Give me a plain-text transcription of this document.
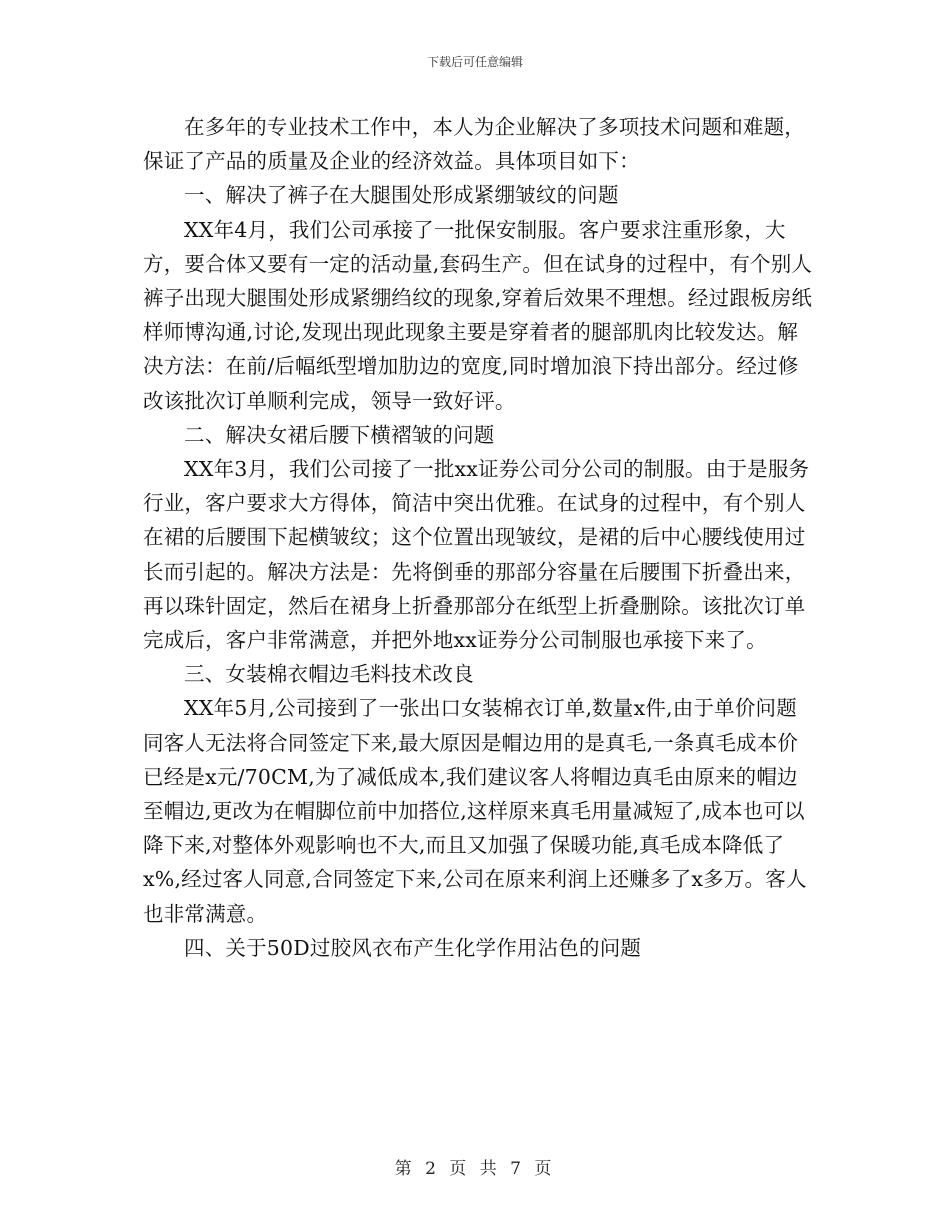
下载后可任意编辑

在多年的专业技术工作中，本人为企业解决了多项技术问题和难题，保证了产品的质量及企业的经济效益。具体项目如下：

一、解决了裤子在大腿围处形成紧绷皱纹的问题

XX年4月，我们公司承接了一批保安制服。客户要求注重形象，大方，要合体又要有一定的活动量,套码生产。但在试身的过程中，有个别人裤子出现大腿围处形成紧绷绉纹的现象,穿着后效果不理想。经过跟板房纸样师博沟通,讨论,发现出现此现象主要是穿着者的腿部肌肉比较发达。解决方法：在前/后幅纸型增加肋边的宽度,同时增加浪下持出部分。经过修改该批次订单顺利完成，领导一致好评。

二、解决女裙后腰下横褶皱的问题

XX年3月，我们公司接了一批xx证券公司分公司的制服。由于是服务行业，客户要求大方得体，简洁中突出优雅。在试身的过程中，有个别人在裙的后腰围下起横皱纹；这个位置出现皱纹，是裙的后中心腰线使用过长而引起的。解决方法是：先将倒垂的那部分容量在后腰围下折叠出来，再以珠针固定，然后在裙身上折叠那部分在纸型上折叠删除。该批次订单完成后，客户非常满意，并把外地xx证券分公司制服也承接下来了。

三、女装棉衣帽边毛料技术改良

XX年5月,公司接到了一张出口女装棉衣订单,数量x件,由于单价问题同客人无法将合同签定下来,最大原因是帽边用的是真毛,一条真毛成本价已经是x元/70CM,为了减低成本,我们建议客人将帽边真毛由原来的帽边至帽边,更改为在帽脚位前中加搭位,这样原来真毛用量减短了,成本也可以降下来,对整体外观影响也不大,而且又加强了保暖功能,真毛成本降低了x%,经过客人同意,合同签定下来,公司在原来利润上还赚多了x多万。客人也非常满意。

四、关于50D过胶风衣布产生化学作用沾色的问题

第 2 页 共 7 页
